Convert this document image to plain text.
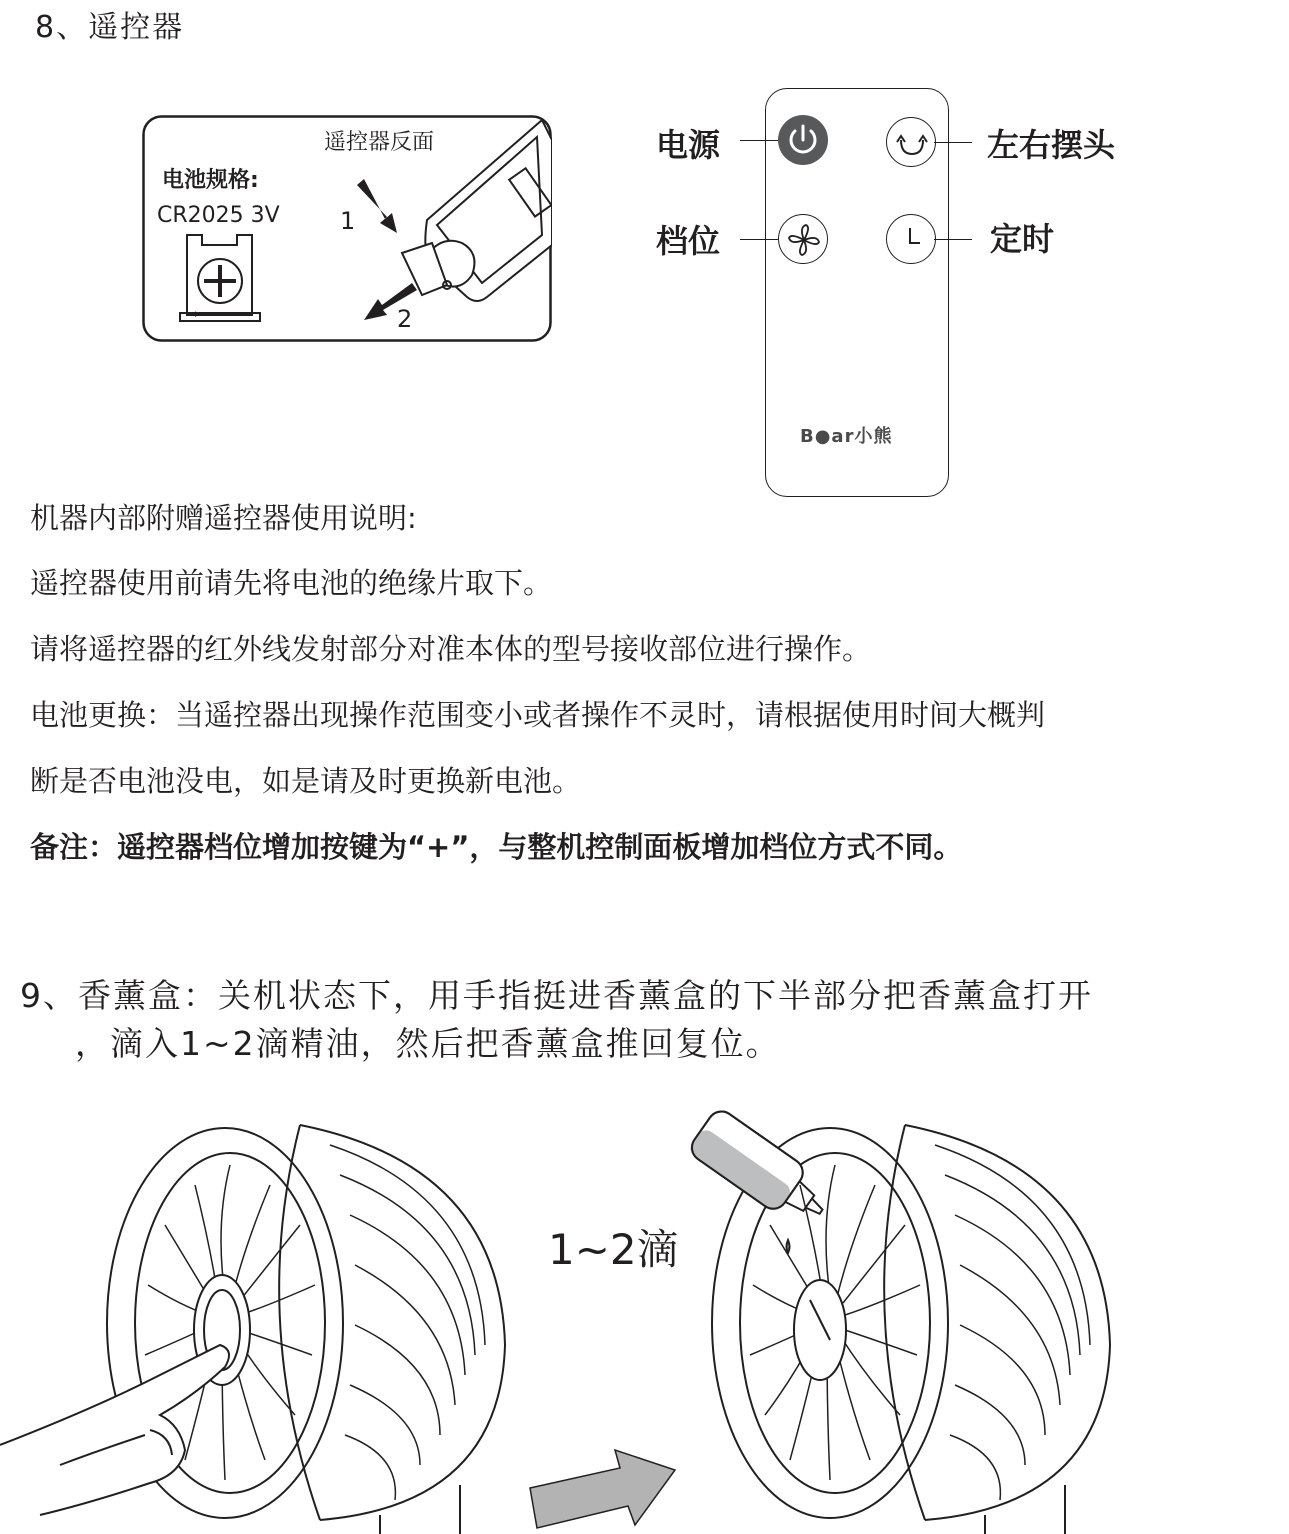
8、遥控器
+
遥控器反面
电池规格:
CR2025 3V	1
2
电源	左右摆头
档位	定时
B●ar小熊
机器内部附赠遥控器使用说明:
遥控器使用前请先将电池的绝缘片取下。
请将遥控器的红外线发射部分对准本体的型号接收部位进行操作。
电池更换：当遥控器出现操作范围变小或者操作不灵时，请根据使用时间大概判
断是否电池没电，如是请及时更换新电池。
备注：遥控器档位增加按键为“+”，与整机控制面板增加档位方式不同。
9、香薰盒：关机状态下，用手指挺进香薰盒的下半部分把香薰盒打开
，滴入1~2滴精油，然后把香薰盒推回复位。
1~2滴
